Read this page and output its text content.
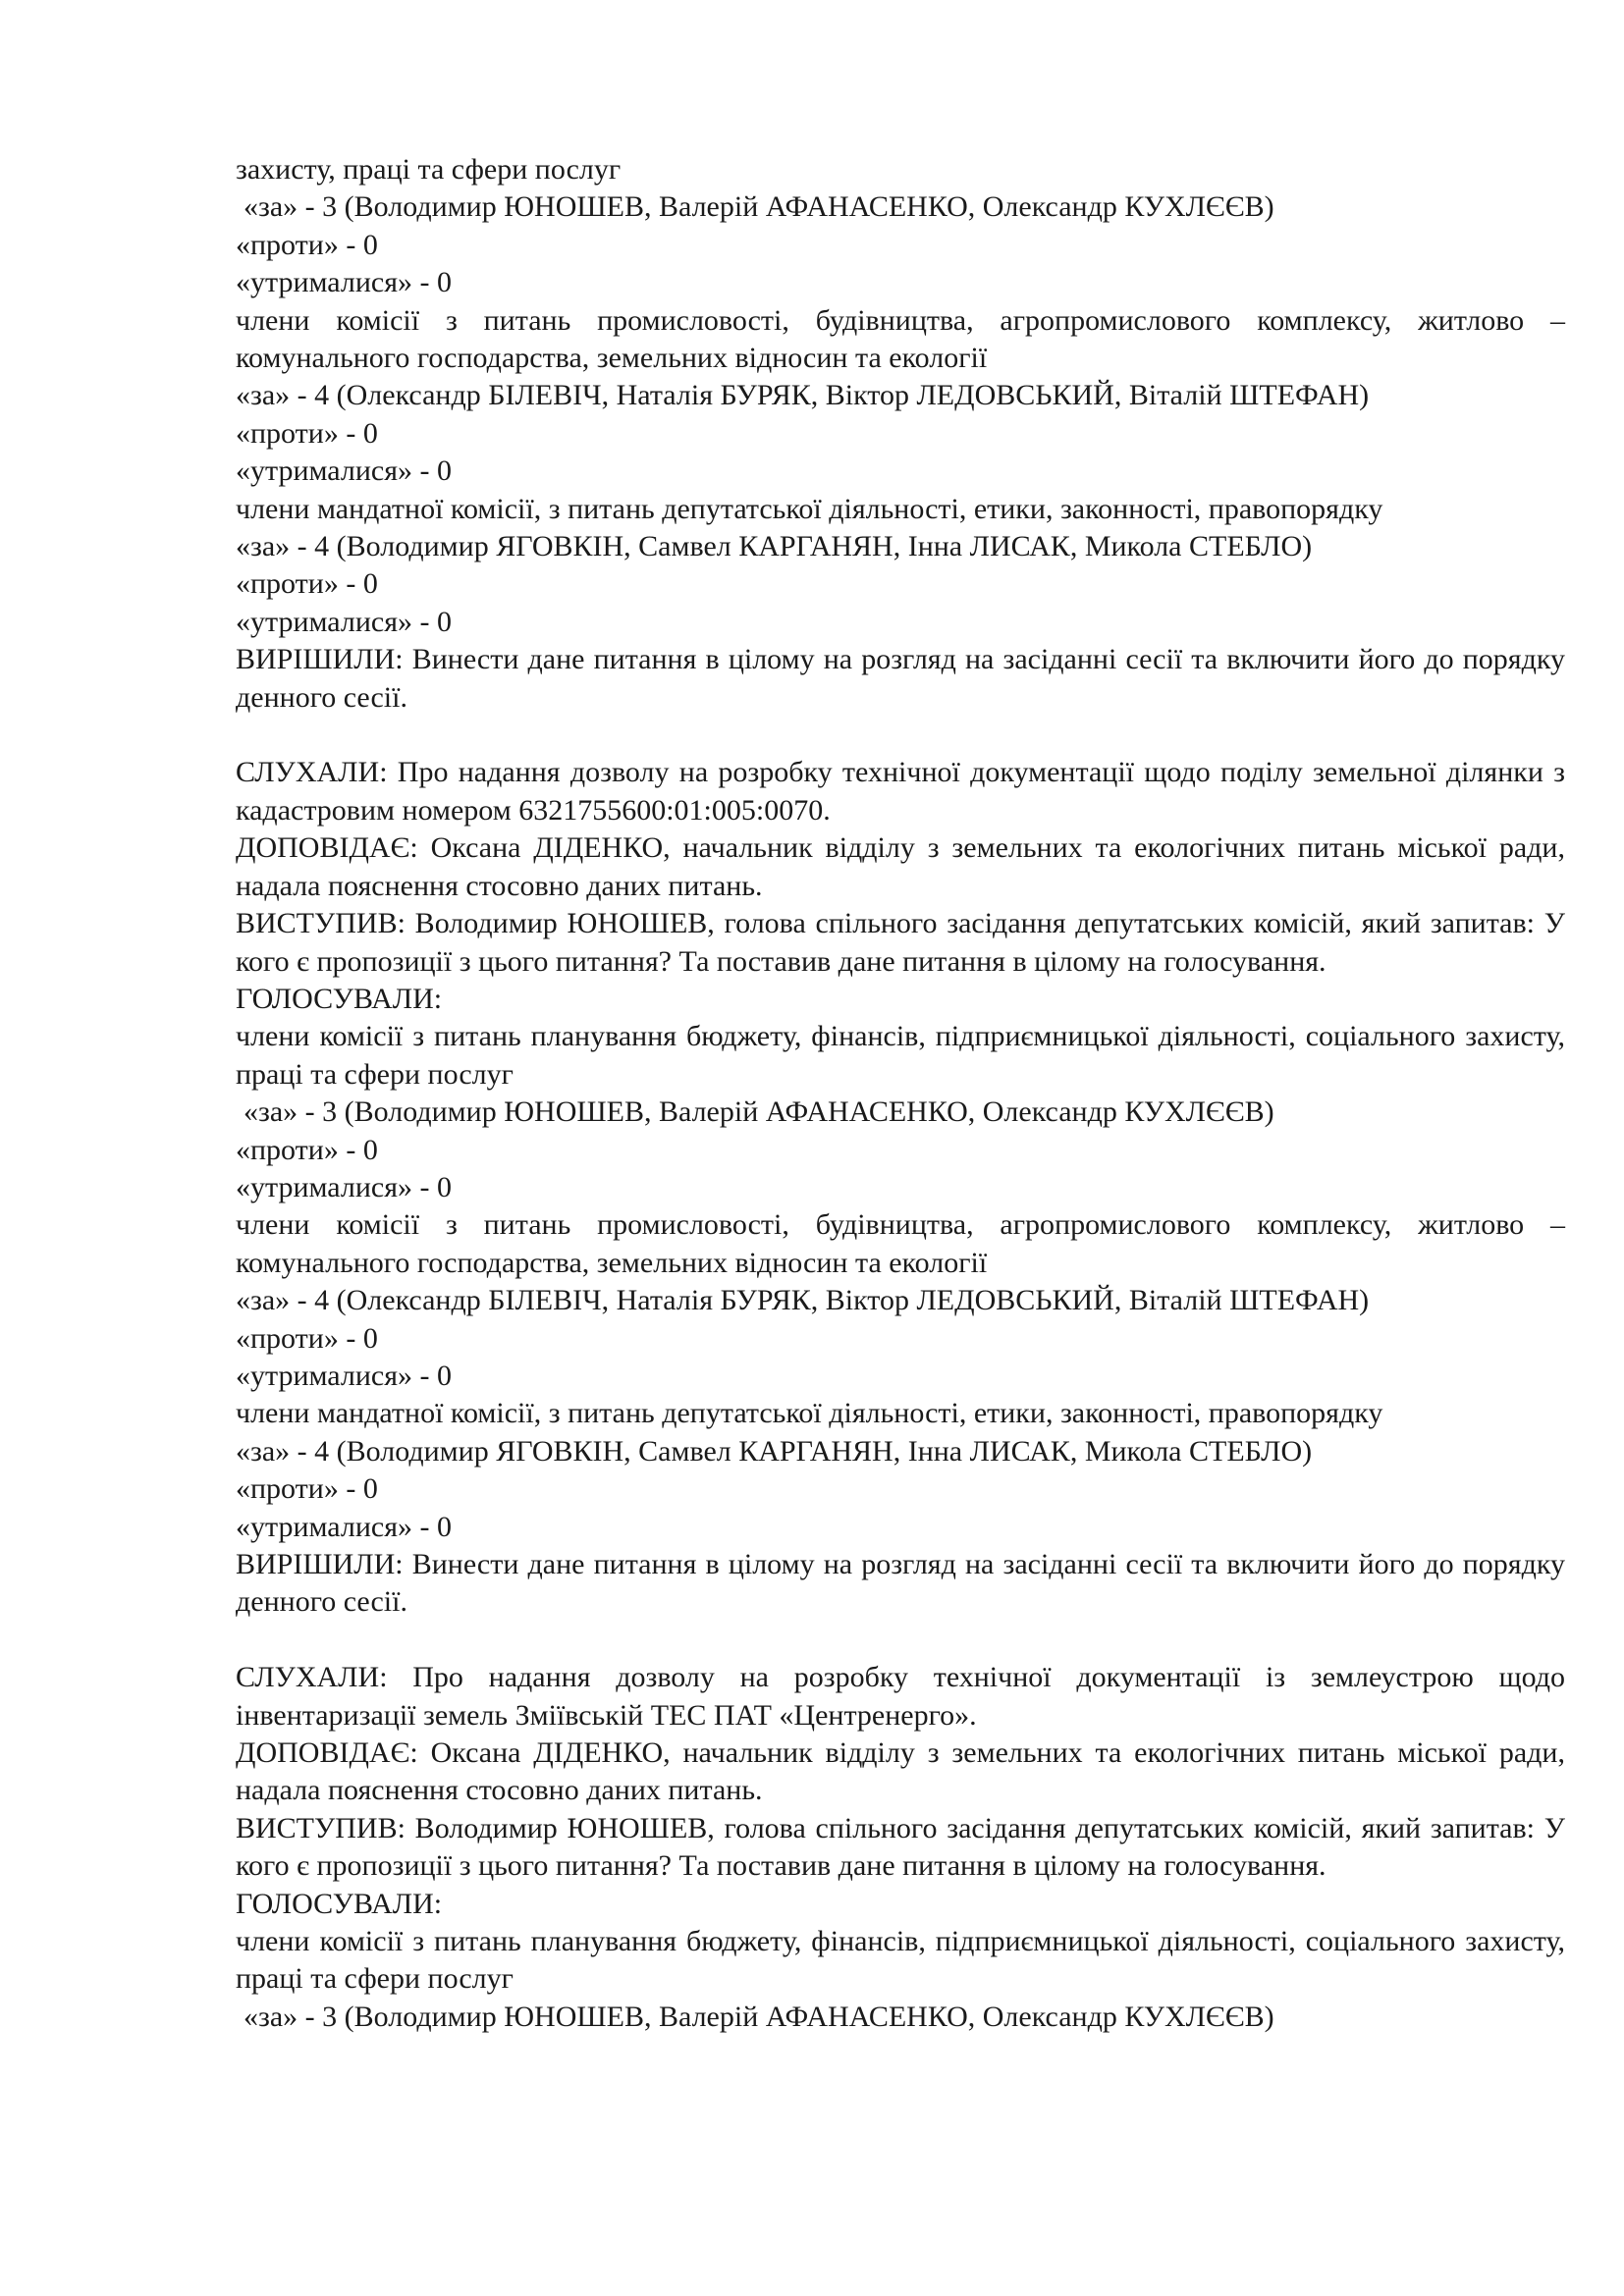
захисту, праці та сфери послуг
«за» - 3 (Володимир ЮНОШЕВ, Валерій АФАНАСЕНКО, Олександр КУХЛЄЄВ)
«проти» - 0
«утрималися» - 0
члени комісії з питань промисловості, будівництва, агропромислового комплексу, житлово – комунального господарства, земельних відносин та екології
«за» - 4 (Олександр БІЛЕВІЧ, Наталія БУРЯК, Віктор ЛЕДОВСЬКИЙ, Віталій ШТЕФАН)
«проти» - 0
«утрималися» - 0
члени мандатної комісії, з питань депутатської діяльності, етики, законності, правопорядку
«за» - 4 (Володимир ЯГОВКІН, Самвел КАРГАНЯН, Інна ЛИСАК, Микола СТЕБЛО)
«проти» - 0
«утрималися» - 0
ВИРІШИЛИ: Винести дане питання в цілому на розгляд на засіданні сесії та включити його до порядку денного сесії.
СЛУХАЛИ: Про надання дозволу на розробку технічної документації щодо поділу земельної ділянки з кадастровим номером 6321755600:01:005:0070.
ДОПОВІДАЄ: Оксана ДІДЕНКО, начальник відділу з земельних та екологічних питань міської ради, надала пояснення стосовно даних питань.
ВИСТУПИВ: Володимир ЮНОШЕВ, голова спільного засідання депутатських комісій, який запитав: У кого є пропозиції з цього питання? Та поставив дане питання в цілому на голосування.
ГОЛОСУВАЛИ:
члени комісії з питань планування бюджету, фінансів, підприємницької діяльності, соціального захисту, праці та сфери послуг
«за» - 3 (Володимир ЮНОШЕВ, Валерій АФАНАСЕНКО, Олександр КУХЛЄЄВ)
«проти» - 0
«утрималися» - 0
члени комісії з питань промисловості, будівництва, агропромислового комплексу, житлово – комунального господарства, земельних відносин та екології
«за» - 4 (Олександр БІЛЕВІЧ, Наталія БУРЯК, Віктор ЛЕДОВСЬКИЙ, Віталій ШТЕФАН)
«проти» - 0
«утрималися» - 0
члени мандатної комісії, з питань депутатської діяльності, етики, законності, правопорядку
«за» - 4 (Володимир ЯГОВКІН, Самвел КАРГАНЯН, Інна ЛИСАК, Микола СТЕБЛО)
«проти» - 0
«утрималися» - 0
ВИРІШИЛИ: Винести дане питання в цілому на розгляд на засіданні сесії та включити його до порядку денного сесії.
СЛУХАЛИ: Про надання дозволу на розробку технічної документації із землеустрою щодо інвентаризації земель Зміївській ТЕС ПАТ «Центренерго».
ДОПОВІДАЄ: Оксана ДІДЕНКО, начальник відділу з земельних та екологічних питань міської ради, надала пояснення стосовно даних питань.
ВИСТУПИВ: Володимир ЮНОШЕВ, голова спільного засідання депутатських комісій, який запитав: У кого є пропозиції з цього питання? Та поставив дане питання в цілому на голосування.
ГОЛОСУВАЛИ:
члени комісії з питань планування бюджету, фінансів, підприємницької діяльності, соціального захисту, праці та сфери послуг
«за» - 3 (Володимир ЮНОШЕВ, Валерій АФАНАСЕНКО, Олександр КУХЛЄЄВ)
